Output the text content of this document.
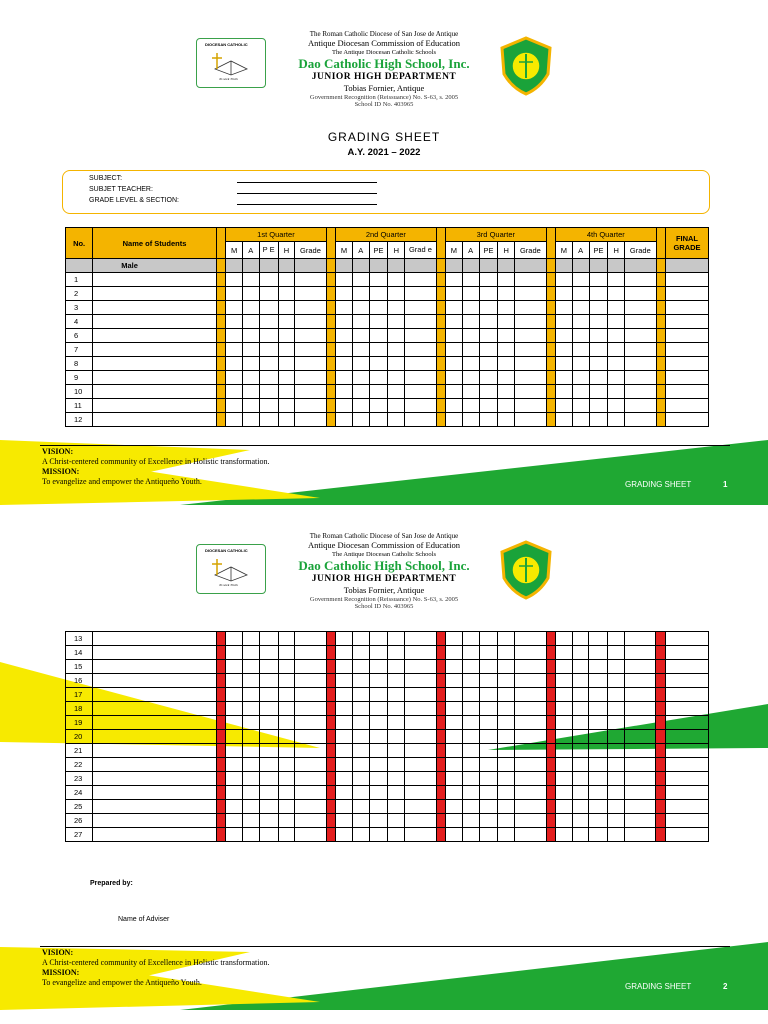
DIOCESAN CATHOLIC
To seek Truth
The Roman Catholic Diocese of San Jose de Antique
Antique Diocesan Commission of Education
The Antique Diocesan Catholic Schools
Dao Catholic High School, Inc.
JUNIOR HIGH DEPARTMENT
Tobias Fornier, Antique
Government Recognition (Reissuance) No. S-63, s. 2005
School ID No. 403965
GRADING SHEET
A.Y. 2021 – 2022
SUBJECT:
SUBJET TEACHER:
GRADE LEVEL & SECTION:
No.	Name of Students		1st Quarter						2nd Quarter						3rd Quarter						4th Quarter						FINAL GRADE
			M	A	P E	H	Grade		M	A	PE	H	Grad e		M	A	PE	H	Grade		M	A	PE	H	Grade		
	Male																										
1																											
2																											
3																											
4																											
6																											
7																											
8																											
9																											
10																											
11																											
12																											
VISION:
A Christ-centered community of Excellence in Holistic transformation.
MISSION:
To evangelize and empower the Antiqueño Youth.	GRADING SHEET	1
DIOCESAN CATHOLIC
To seek Truth
The Roman Catholic Diocese of San Jose de Antique
Antique Diocesan Commission of Education
The Antique Diocesan Catholic Schools
Dao Catholic High School, Inc.
JUNIOR HIGH DEPARTMENT
Tobias Fornier, Antique
Government Recognition (Reissuance) No. S-63, s. 2005
School ID No. 403965
13																											
14																											
15																											
16																											
17																											
18																											
19																											
20																											
21																											
22																											
23																											
24																											
25																											
26																											
27																											
Prepared by:
Name of Adviser
VISION:
A Christ-centered community of Excellence in Holistic transformation.
MISSION:
To evangelize and empower the Antiqueño Youth.	GRADING SHEET	2
